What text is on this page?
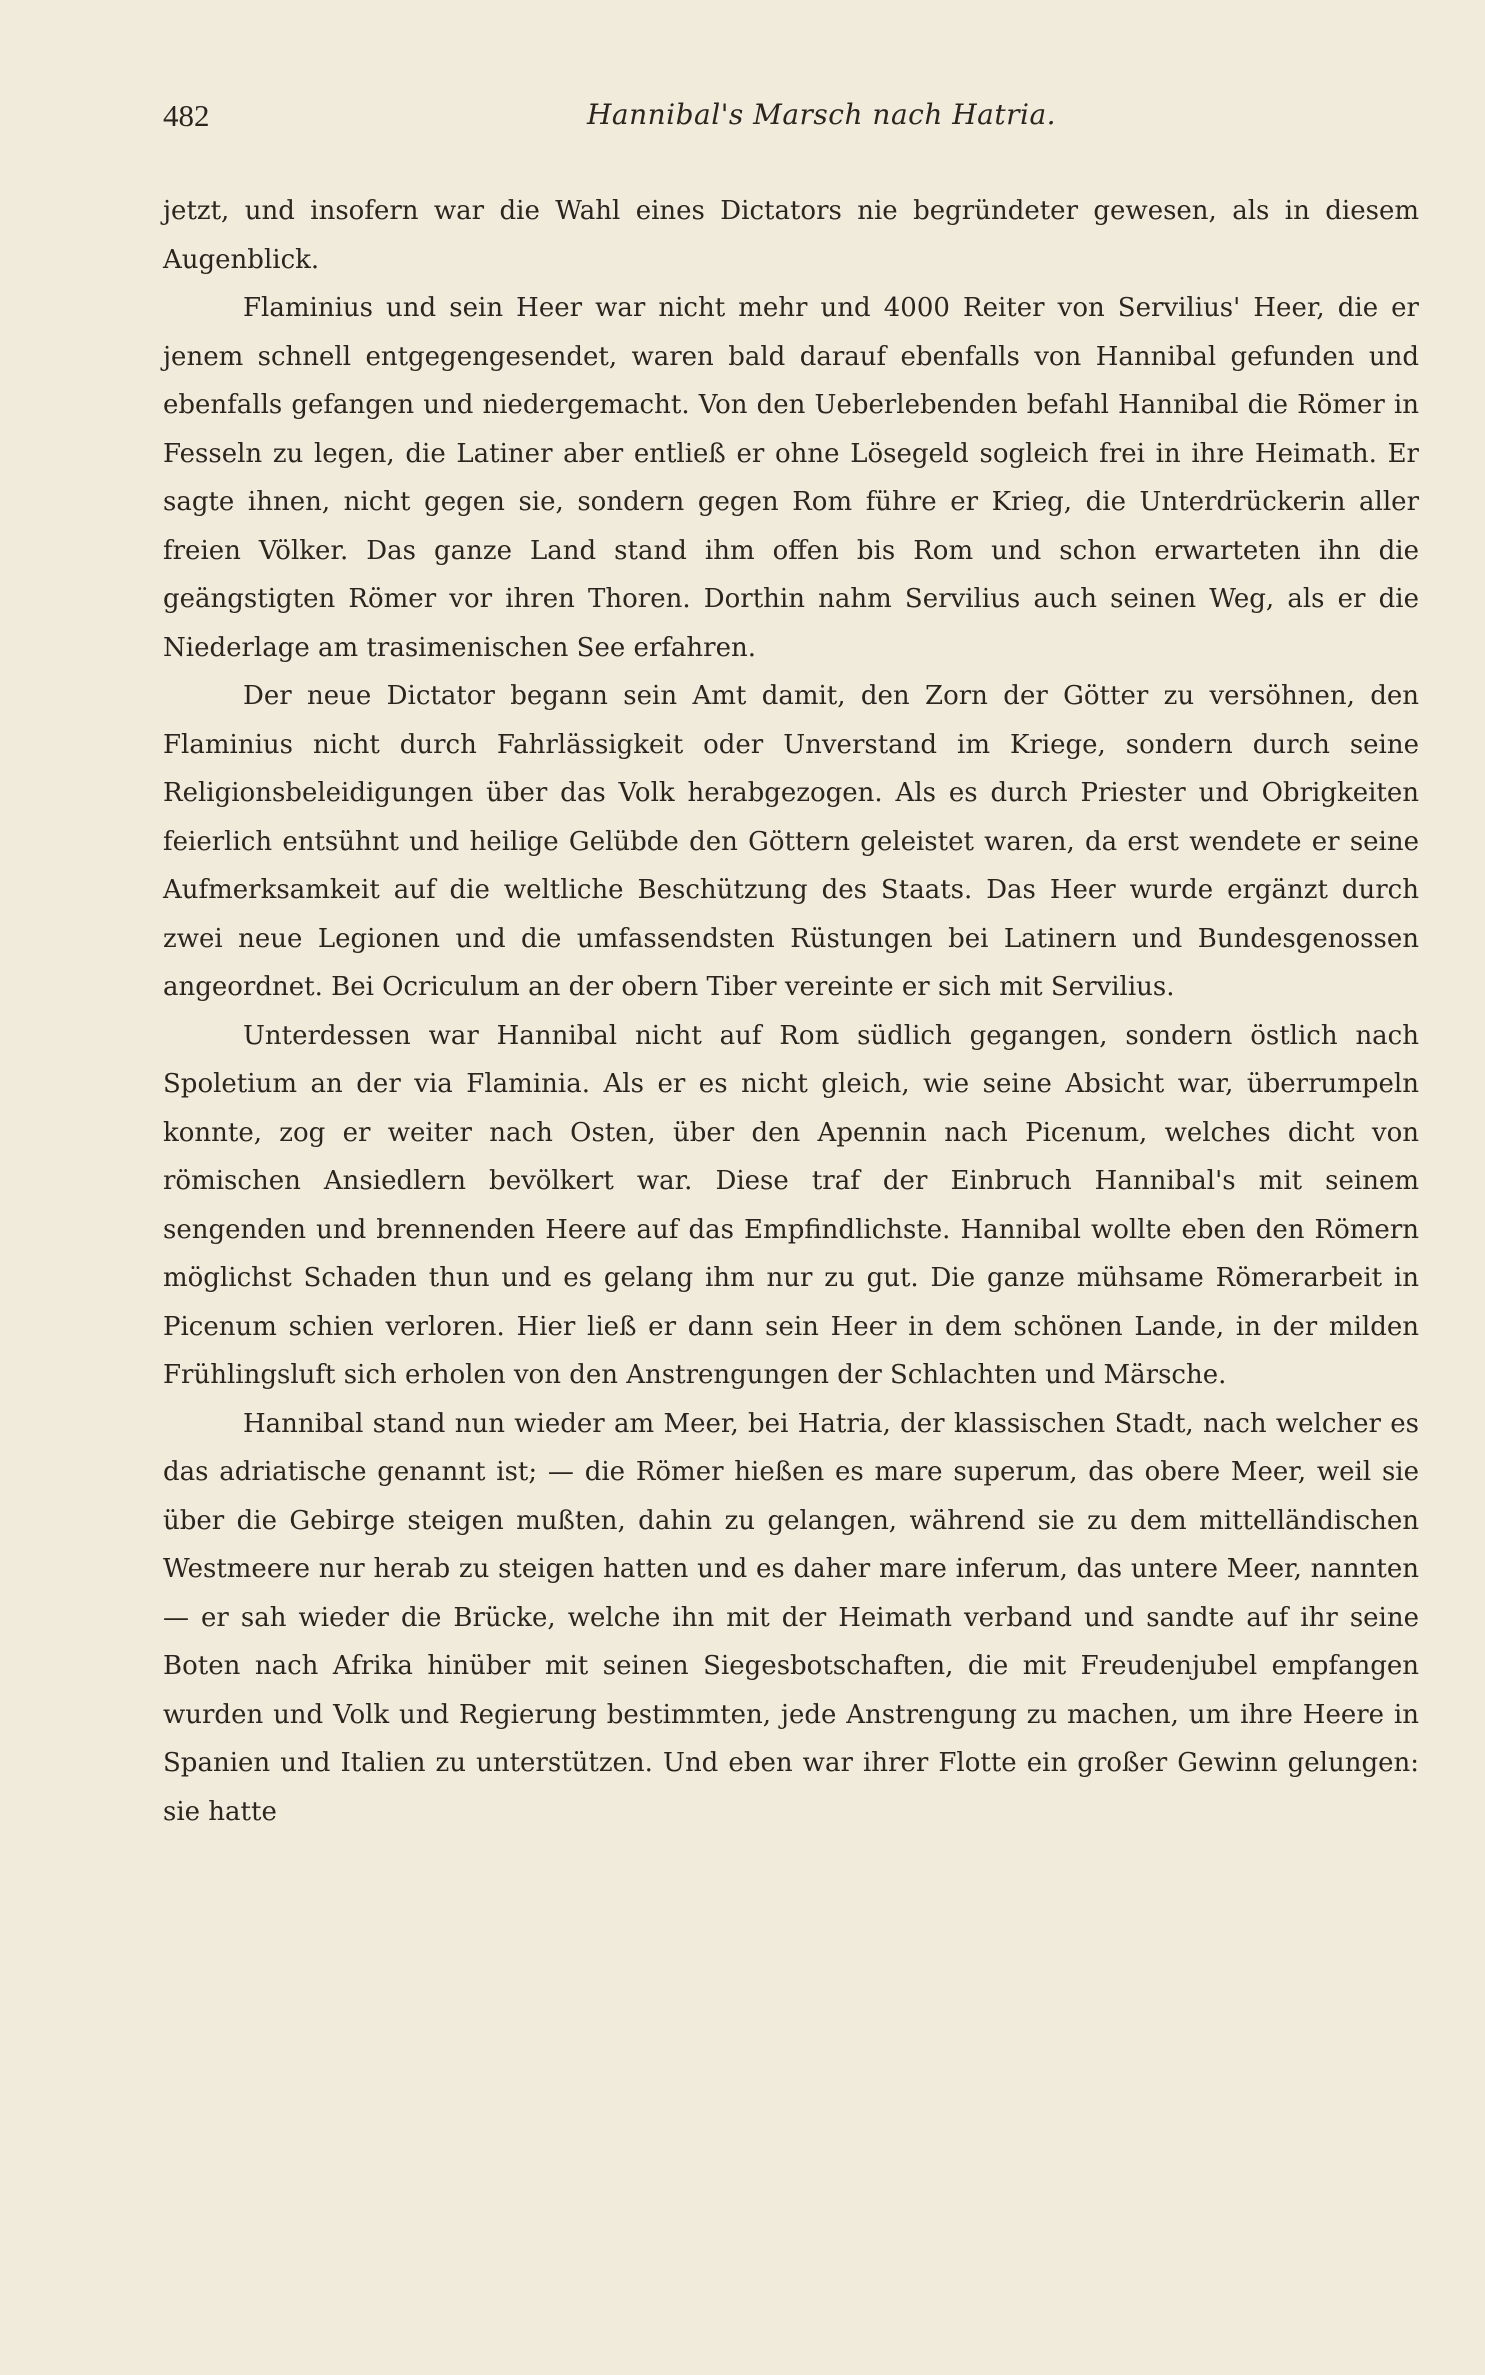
482	Hannibal's Marsch nach Hatria.

jetzt, und insofern war die Wahl eines Dictators nie begründeter gewesen, als in diesem Augenblick.

Flaminius und sein Heer war nicht mehr und 4000 Reiter von Servilius' Heer, die er jenem schnell entgegengesendet, waren bald darauf ebenfalls von Hannibal gefunden und ebenfalls gefangen und niedergemacht. Von den Ueberlebenden befahl Hannibal die Römer in Fesseln zu legen, die Latiner aber entließ er ohne Lösegeld sogleich frei in ihre Heimath. Er sagte ihnen, nicht gegen sie, sondern gegen Rom führe er Krieg, die Unterdrückerin aller freien Völker. Das ganze Land stand ihm offen bis Rom und schon erwarteten ihn die geängstigten Römer vor ihren Thoren. Dorthin nahm Servilius auch seinen Weg, als er die Niederlage am trasimenischen See erfahren.

Der neue Dictator begann sein Amt damit, den Zorn der Götter zu versöhnen, den Flaminius nicht durch Fahrlässigkeit oder Unverstand im Kriege, sondern durch seine Religionsbeleidigungen über das Volk herabgezogen. Als es durch Priester und Obrigkeiten feierlich entsühnt und heilige Gelübde den Göttern geleistet waren, da erst wendete er seine Aufmerksamkeit auf die weltliche Beschützung des Staats. Das Heer wurde ergänzt durch zwei neue Legionen und die umfassendsten Rüstungen bei Latinern und Bundesgenossen angeordnet. Bei Ocriculum an der obern Tiber vereinte er sich mit Servilius.

Unterdessen war Hannibal nicht auf Rom südlich gegangen, sondern östlich nach Spoletium an der via Flaminia. Als er es nicht gleich, wie seine Absicht war, überrumpeln konnte, zog er weiter nach Osten, über den Apennin nach Picenum, welches dicht von römischen Ansiedlern bevölkert war. Diese traf der Einbruch Hannibal's mit seinem sengenden und brennenden Heere auf das Empfindlichste. Hannibal wollte eben den Römern möglichst Schaden thun und es gelang ihm nur zu gut. Die ganze mühsame Römerarbeit in Picenum schien verloren. Hier ließ er dann sein Heer in dem schönen Lande, in der milden Frühlingsluft sich erholen von den Anstrengungen der Schlachten und Märsche.

Hannibal stand nun wieder am Meer, bei Hatria, der klassischen Stadt, nach welcher es das adriatische genannt ist; — die Römer hießen es mare superum, das obere Meer, weil sie über die Gebirge steigen mußten, dahin zu gelangen, während sie zu dem mittelländischen Westmeere nur herab zu steigen hatten und es daher mare inferum, das untere Meer, nannten — er sah wieder die Brücke, welche ihn mit der Heimath verband und sandte auf ihr seine Boten nach Afrika hinüber mit seinen Siegesbotschaften, die mit Freudenjubel empfangen wurden und Volk und Regierung bestimmten, jede Anstrengung zu machen, um ihre Heere in Spanien und Italien zu unterstützen. Und eben war ihrer Flotte ein großer Gewinn gelungen: sie hatte
